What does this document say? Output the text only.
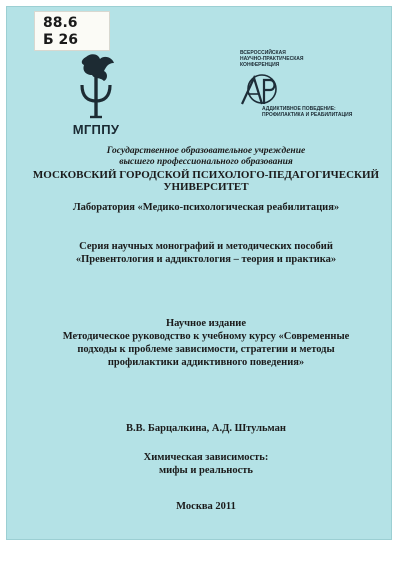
88.6
Б 26
МГППУ
ВСЕРОССИЙСКАЯ
НАУЧНО-ПРАКТИЧЕСКАЯ
КОНФЕРЕНЦИЯ
АР
АДДИКТИВНОЕ ПОВЕДЕНИЕ:
ПРОФИЛАКТИКА И РЕАБИЛИТАЦИЯ
Государственное образовательное учреждение
высшего профессионального образования
МОСКОВСКИЙ ГОРОДСКОЙ ПСИХОЛОГО-ПЕДАГОГИЧЕСКИЙ УНИВЕРСИТЕТ
Лаборатория «Медико-психологическая реабилитация»
Серия научных монографий и методических пособий
«Превентология и аддиктология – теория и практика»
Научное издание
Методическое руководство к учебному курсу «Современные
подходы к проблеме зависимости, стратегии и методы
профилактики аддиктивного поведения»
В.В. Барцалкина, А.Д. Штульман
Химическая зависимость:
мифы и реальность
Москва 2011
